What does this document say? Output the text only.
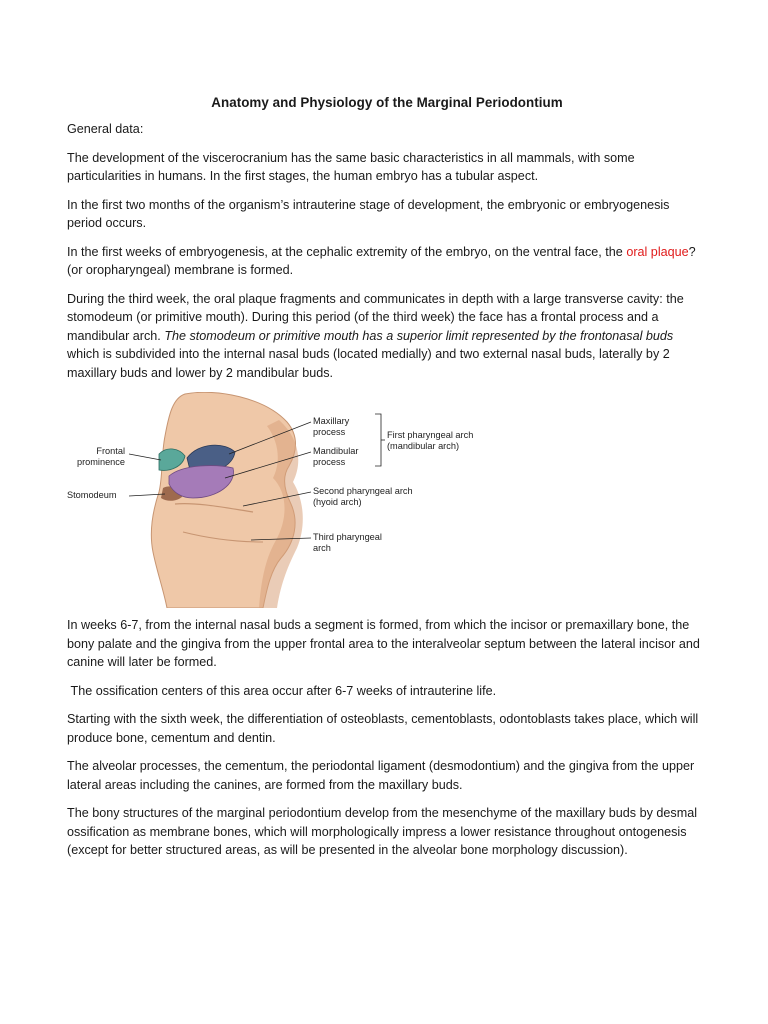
Anatomy and Physiology of the Marginal Periodontium

General data:

The development of the viscerocranium has the same basic characteristics in all mammals, with some particularities in humans. In the first stages, the human embryo has a tubular aspect.

In the first two months of the organism’s intrauterine stage of development, the embryonic or embryogenesis period occurs.

In the first weeks of embryogenesis, at the cephalic extremity of the embryo, on the ventral face, the oral plaque? (or oropharyngeal) membrane is formed.

During the third week, the oral plaque fragments and communicates in depth with a large transverse cavity: the stomodeum (or primitive mouth). During this period (of the third week) the face has a frontal process and a mandibular arch. The stomodeum or primitive mouth has a superior limit represented by the frontonasal buds which is subdivided into the internal nasal buds (located medially) and two external nasal buds, laterally by 2 maxillary buds and lower by 2 mandibular buds.

Frontal
prominence
Stomodeum
Maxillary
process
Mandibular
process
First pharyngeal arch
(mandibular arch)
Second pharyngeal arch
(hyoid arch)
Third pharyngeal
arch

In weeks 6-7, from the internal nasal buds a segment is formed, from which the incisor or premaxillary bone, the bony palate and the gingiva from the upper frontal area to the interalveolar septum between the lateral incisor and canine will later be formed.

The ossification centers of this area occur after 6-7 weeks of intrauterine life.

Starting with the sixth week, the differentiation of osteoblasts, cementoblasts, odontoblasts takes place, which will produce bone, cementum and dentin.

The alveolar processes, the cementum, the periodontal ligament (desmodontium) and the gingiva from the upper lateral areas including the canines, are formed from the maxillary buds.

The bony structures of the marginal periodontium develop from the mesenchyme of the maxillary buds by desmal ossification as membrane bones, which will morphologically impress a lower resistance throughout ontogenesis (except for better structured areas, as will be presented in the alveolar bone morphology discussion).
